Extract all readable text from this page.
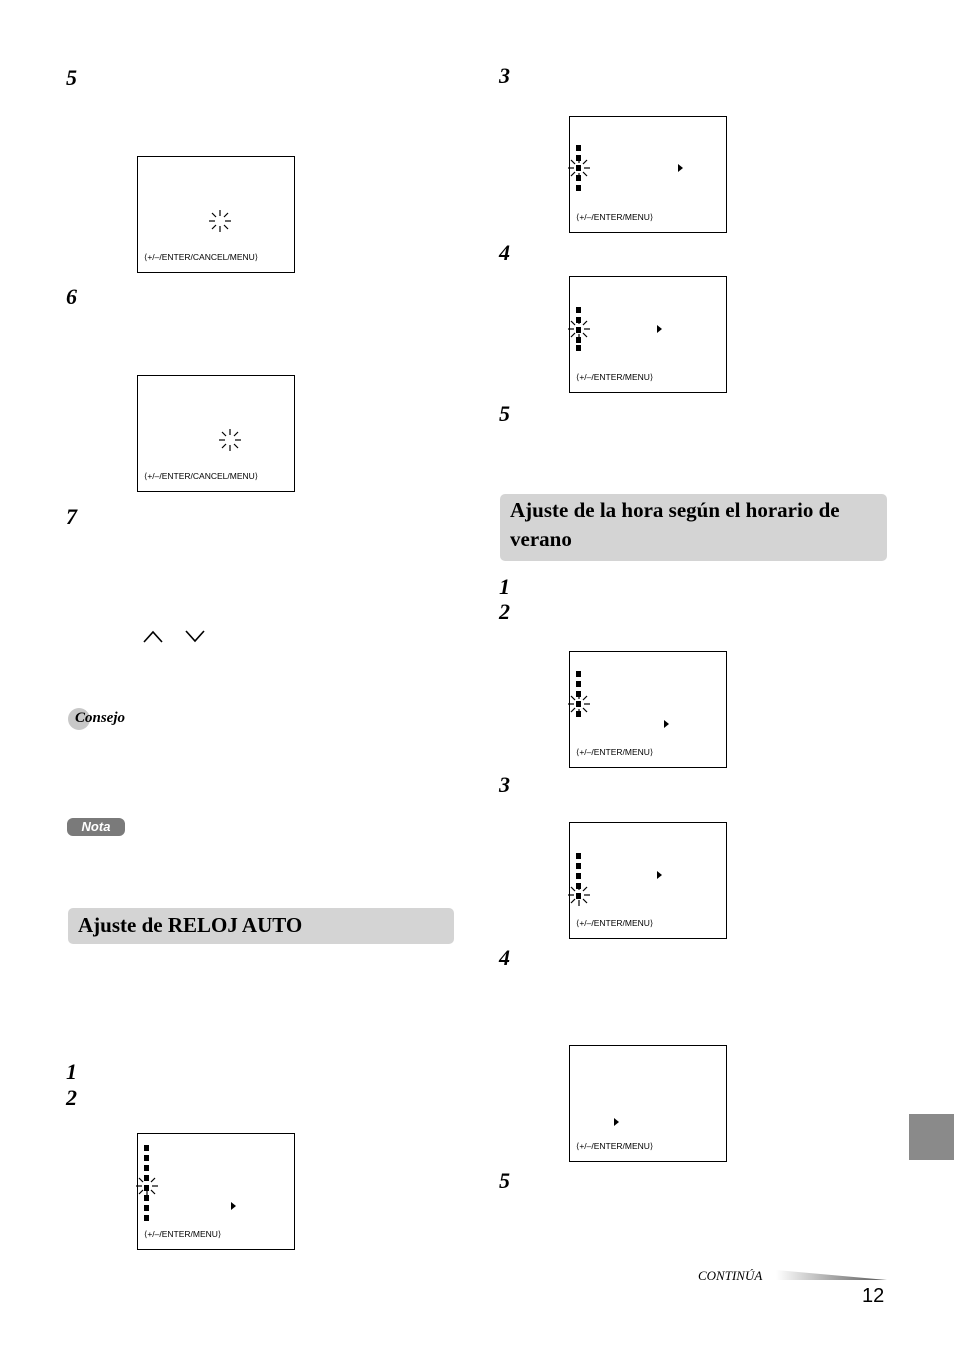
5
⟨+/–/ENTER/CANCEL/MENU⟩
6
⟨+/–/ENTER/CANCEL/MENU⟩
7
Consejo
Nota
Ajuste de RELOJ AUTO
1
2
⟨+/–/ENTER/MENU⟩
3
⟨+/–/ENTER/MENU⟩
4
⟨+/–/ENTER/MENU⟩
5
Ajuste de la hora según el horario de verano
1
2
⟨+/–/ENTER/MENU⟩
3
⟨+/–/ENTER/MENU⟩
4
⟨+/–/ENTER/MENU⟩
5
CONTINÚA
12
